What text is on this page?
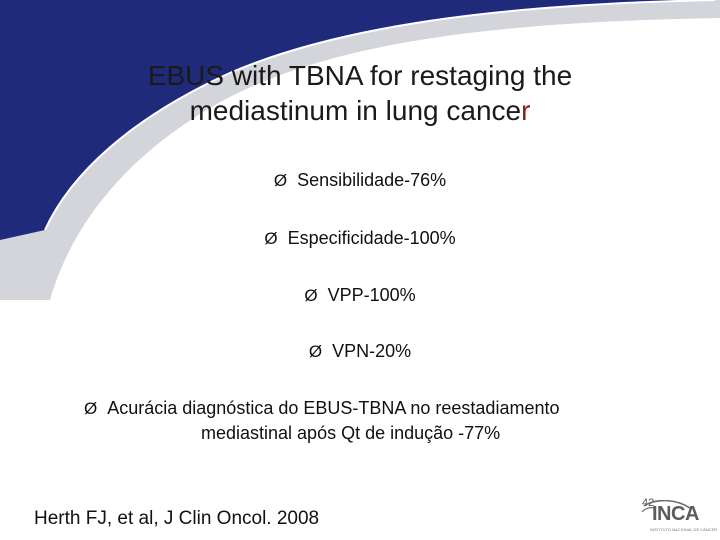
EBUS with TBNA for restaging the
mediastinum in lung cancer
Ø Sensibilidade-76%
Ø Especificidade-100%
Ø VPP-100%
Ø VPN-20%
Ø Acurácia diagnóstica do EBUS-TBNA no reestadiamento
mediastinal após Qt de indução -77%
Herth FJ, et al, J Clin Oncol. 2008
42
INCA
INSTITUTO NACIONAL DE CÂNCER
